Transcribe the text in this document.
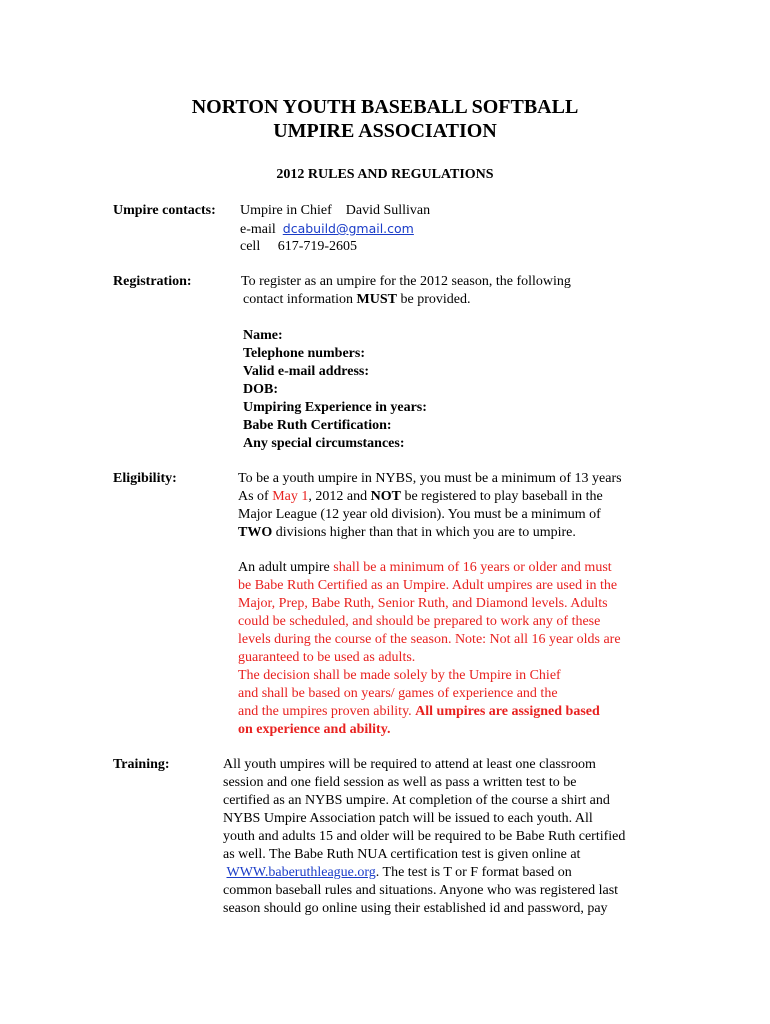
NORTON YOUTH BASEBALL SOFTBALL
UMPIRE ASSOCIATION
2012 RULES AND REGULATIONS
Umpire contacts: Umpire in Chief David Sullivan
e-mail dcabuild@gmail.com
cell 617-719-2605
Registration:	To register as an umpire for the 2012 season, the following
contact information MUST be provided.
Name:
Telephone numbers:
Valid e-mail address:
DOB:
Umpiring Experience in years:
Babe Ruth Certification:
Any special circumstances:
Eligibility:	To be a youth umpire in NYBS, you must be a minimum of 13 years
As of May 1, 2012 and NOT be registered to play baseball in the
Major League (12 year old division). You must be a minimum of
TWO divisions higher than that in which you are to umpire.
An adult umpire shall be a minimum of 16 years or older and must
be Babe Ruth Certified as an Umpire. Adult umpires are used in the
Major, Prep, Babe Ruth, Senior Ruth, and Diamond levels. Adults
could be scheduled, and should be prepared to work any of these
levels during the course of the season. Note: Not all 16 year olds are
guaranteed to be used as adults.
The decision shall be made solely by the Umpire in Chief
and shall be based on years/ games of experience and the
and the umpires proven ability. All umpires are assigned based
on experience and ability.
Training:	All youth umpires will be required to attend at least one classroom
session and one field session as well as pass a written test to be
certified as an NYBS umpire. At completion of the course a shirt and
NYBS Umpire Association patch will be issued to each youth. All
youth and adults 15 and older will be required to be Babe Ruth certified
as well. The Babe Ruth NUA certification test is given online at
WWW.baberuthleague.org. The test is T or F format based on
common baseball rules and situations. Anyone who was registered last
season should go online using their established id and password, pay
